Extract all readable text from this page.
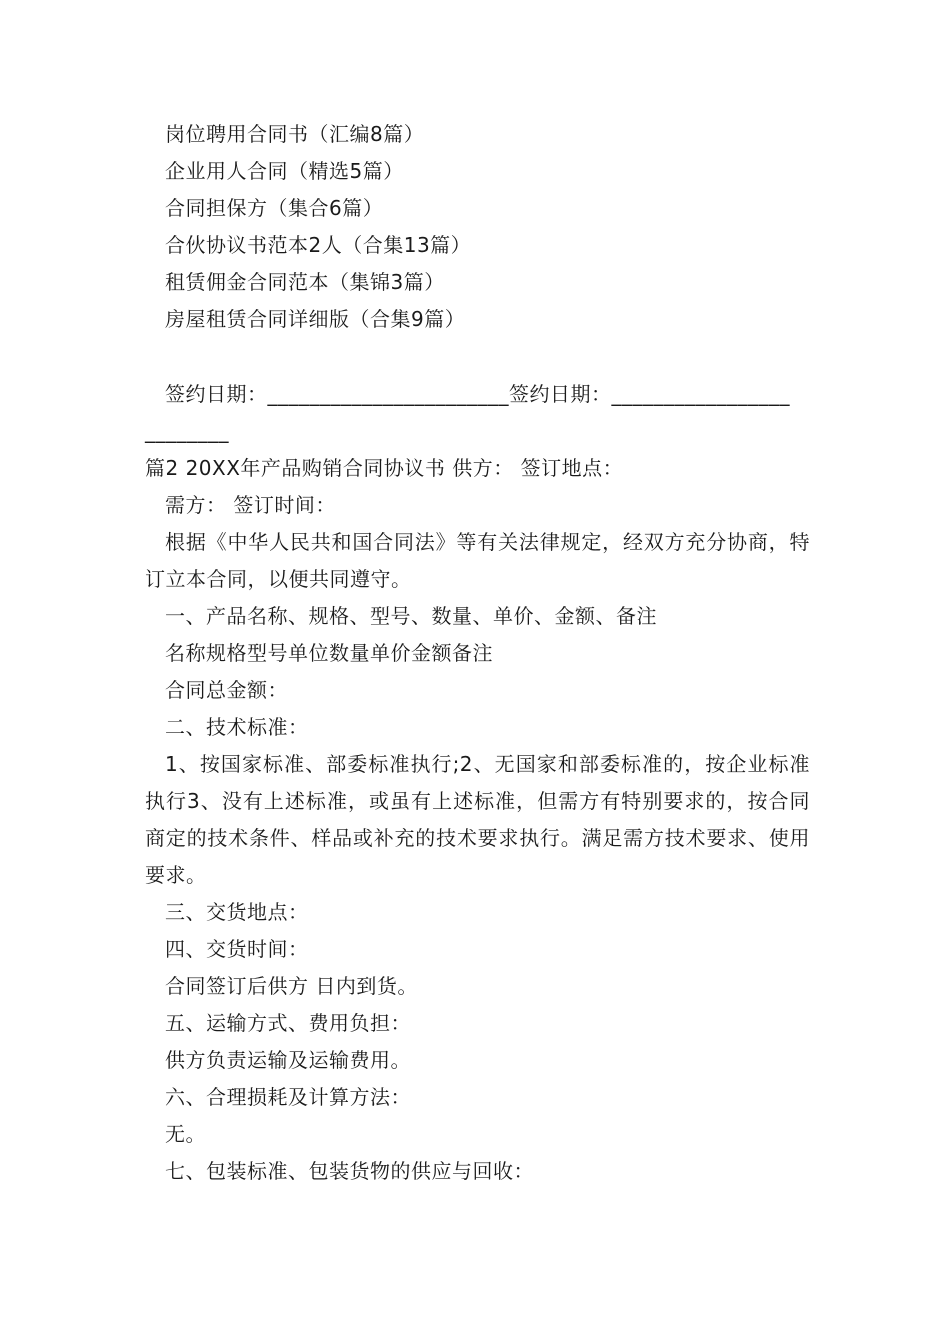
岗位聘用合同书（汇编8篇）
企业用人合同（精选5篇）
合同担保方（集合6篇）
合伙协议书范本2人（合集13篇）
租赁佣金合同范本（集锦3篇）
房屋租赁合同详细版（合集9篇）
签约日期：_______________________签约日期：_________________
________
篇2 20XX年产品购销合同协议书 供方： 签订地点：
需方： 签订时间：
根据《中华人民共和国合同法》等有关法律规定，经双方充分协商，特订立本合同，以便共同遵守。
一、产品名称、规格、型号、数量、单价、金额、备注
名称规格型号单位数量单价金额备注
合同总金额：
二、技术标准：
1、按国家标准、部委标准执行;2、无国家和部委标准的，按企业标准执行3、没有上述标准，或虽有上述标准，但需方有特别要求的，按合同商定的技术条件、样品或补充的技术要求执行。满足需方技术要求、使用要求。
三、交货地点：
四、交货时间：
合同签订后供方 日内到货。
五、运输方式、费用负担：
供方负责运输及运输费用。
六、合理损耗及计算方法：
无。
七、包装标准、包装货物的供应与回收：
